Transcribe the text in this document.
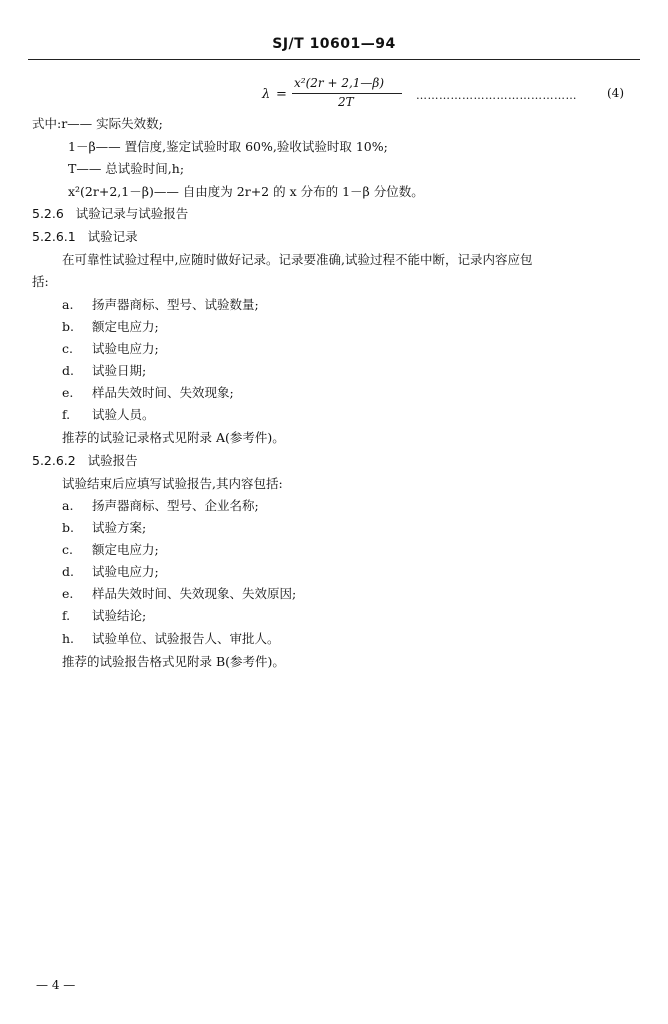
SJ/T 10601—94
λ =
x²(2r + 2,1—β)
2T	……………………………………	(4)
式中:r—— 实际失效数;
1－β—— 置信度,鉴定试验时取 60%,验收试验时取 10%;
T—— 总试验时间,h;
x²(2r+2,1－β)—— 自由度为 2r+2 的 x 分布的 1－β 分位数。
5.2.6 试验记录与试验报告
5.2.6.1 试验记录
在可靠性试验过程中,应随时做好记录。记录要准确,试验过程不能中断，记录内容应包
括:
a. 扬声器商标、型号、试验数量;
b. 额定电应力;
c. 试验电应力;
d. 试验日期;
e. 样品失效时间、失效现象;
f. 试验人员。
推荐的试验记录格式见附录 A(参考件)。
5.2.6.2 试验报告
试验结束后应填写试验报告,其内容包括:
a. 扬声器商标、型号、企业名称;
b. 试验方案;
c. 额定电应力;
d. 试验电应力;
e. 样品失效时间、失效现象、失效原因;
f. 试验结论;
h. 试验单位、试验报告人、审批人。
推荐的试验报告格式见附录 B(参考件)。
— 4 —
